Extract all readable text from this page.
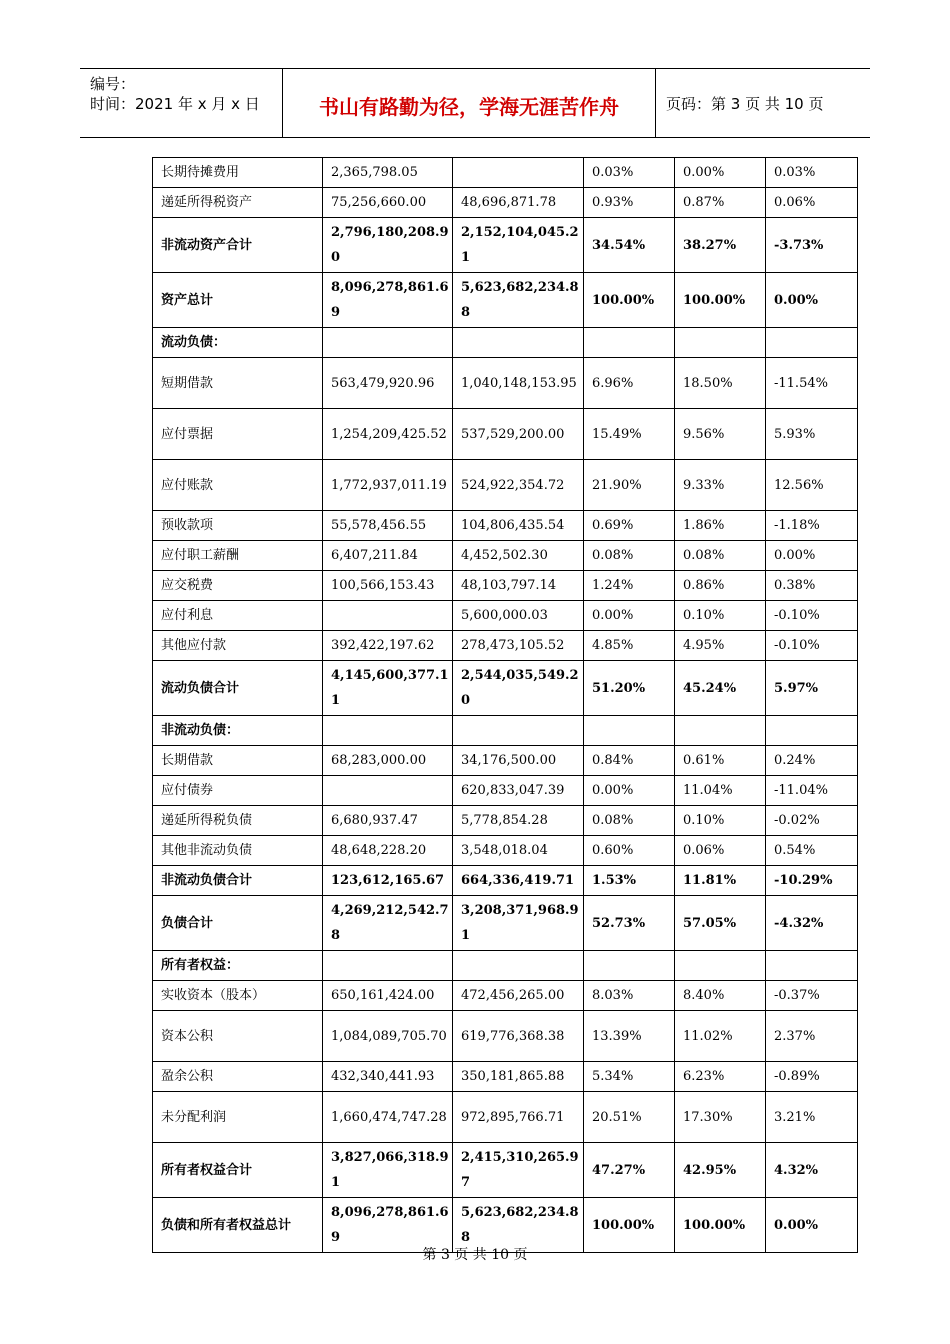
编号：
时间：2021 年 x 月 x 日	书山有路勤为径，学海无涯苦作舟	页码：第 3 页 共 10 页
长期待摊费用	2,365,798.05		0.03%	0.00%	0.03%
递延所得税资产	75,256,660.00	48,696,871.78	0.93%	0.87%	0.06%
非流动资产合计	2,796,180,208.90	2,152,104,045.21	34.54%	38.27%	-3.73%
资产总计	8,096,278,861.69	5,623,682,234.88	100.00%	100.00%	0.00%
流动负债：					
短期借款	563,479,920.96	1,040,148,153.95	6.96%	18.50%	-11.54%
应付票据	1,254,209,425.52	537,529,200.00	15.49%	9.56%	5.93%
应付账款	1,772,937,011.19	524,922,354.72	21.90%	9.33%	12.56%
预收款项	55,578,456.55	104,806,435.54	0.69%	1.86%	-1.18%
应付职工薪酬	6,407,211.84	4,452,502.30	0.08%	0.08%	0.00%
应交税费	100,566,153.43	48,103,797.14	1.24%	0.86%	0.38%
应付利息		5,600,000.03	0.00%	0.10%	-0.10%
其他应付款	392,422,197.62	278,473,105.52	4.85%	4.95%	-0.10%
流动负债合计	4,145,600,377.11	2,544,035,549.20	51.20%	45.24%	5.97%
非流动负债：					
长期借款	68,283,000.00	34,176,500.00	0.84%	0.61%	0.24%
应付债券		620,833,047.39	0.00%	11.04%	-11.04%
递延所得税负债	6,680,937.47	5,778,854.28	0.08%	0.10%	-0.02%
其他非流动负债	48,648,228.20	3,548,018.04	0.60%	0.06%	0.54%
非流动负债合计	123,612,165.67	664,336,419.71	1.53%	11.81%	-10.29%
负债合计	4,269,212,542.78	3,208,371,968.91	52.73%	57.05%	-4.32%
所有者权益：					
实收资本（股本）	650,161,424.00	472,456,265.00	8.03%	8.40%	-0.37%
资本公积	1,084,089,705.70	619,776,368.38	13.39%	11.02%	2.37%
盈余公积	432,340,441.93	350,181,865.88	5.34%	6.23%	-0.89%
未分配利润	1,660,474,747.28	972,895,766.71	20.51%	17.30%	3.21%
所有者权益合计	3,827,066,318.91	2,415,310,265.97	47.27%	42.95%	4.32%
负债和所有者权益总计	8,096,278,861.69	5,623,682,234.88	100.00%	100.00%	0.00%
第 3 页 共 10 页
